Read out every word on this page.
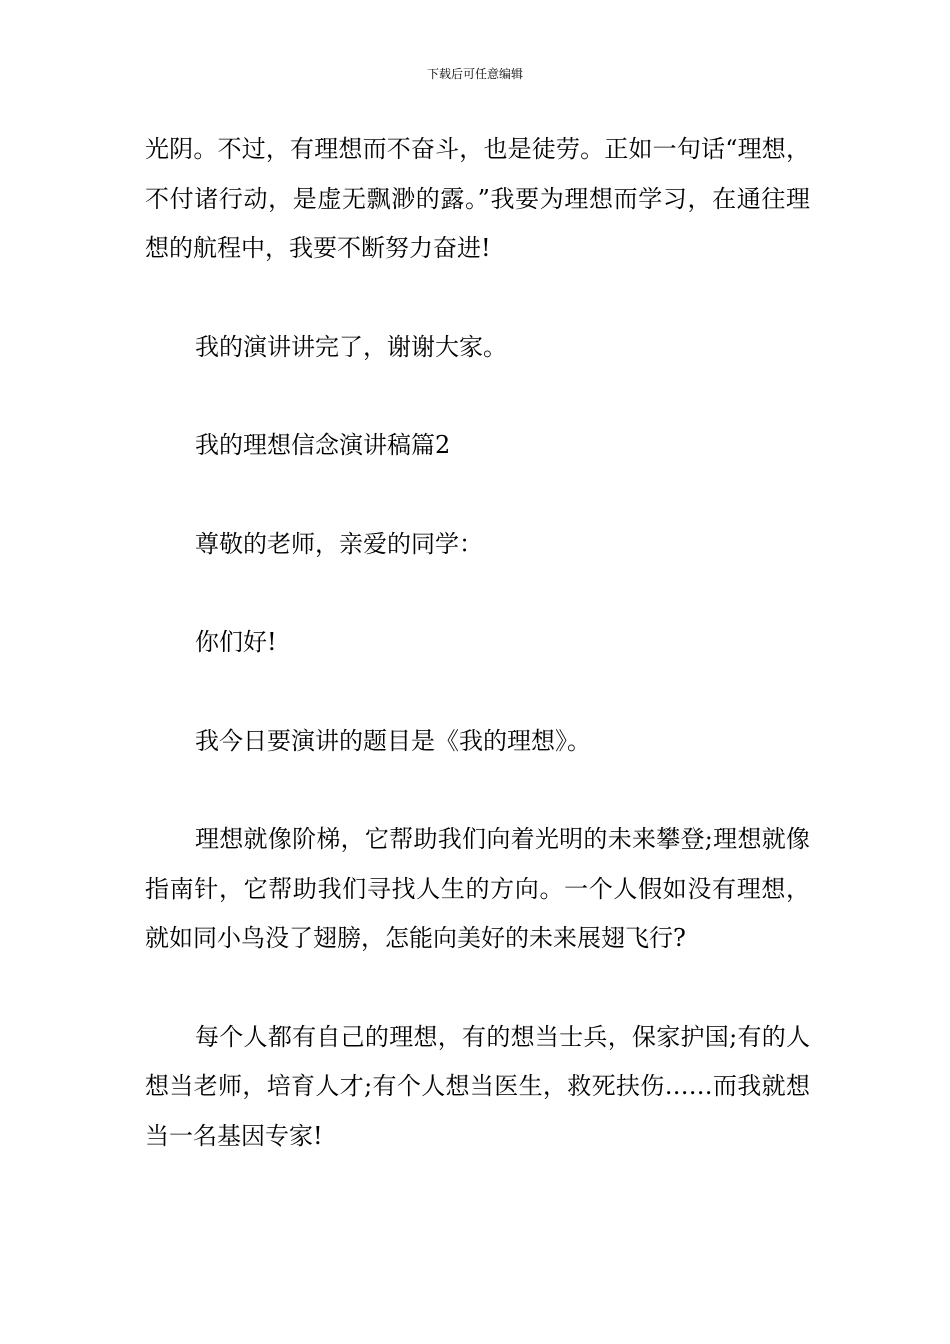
下载后可任意编辑

光阴。不过，有理想而不奋斗，也是徒劳。正如一句话“理想，不付诸行动，是虚无飘渺的露。”我要为理想而学习，在通往理想的航程中，我要不断努力奋进!

我的演讲讲完了，谢谢大家。

我的理想信念演讲稿篇2

尊敬的老师，亲爱的同学：

你们好!

我今日要演讲的题目是《我的理想》。

理想就像阶梯，它帮助我们向着光明的未来攀登;理想就像指南针，它帮助我们寻找人生的方向。一个人假如没有理想，就如同小鸟没了翅膀，怎能向美好的未来展翅飞行?

每个人都有自己的理想，有的想当士兵，保家护国;有的人想当老师，培育人才;有个人想当医生，救死扶伤……而我就想当一名基因专家!
